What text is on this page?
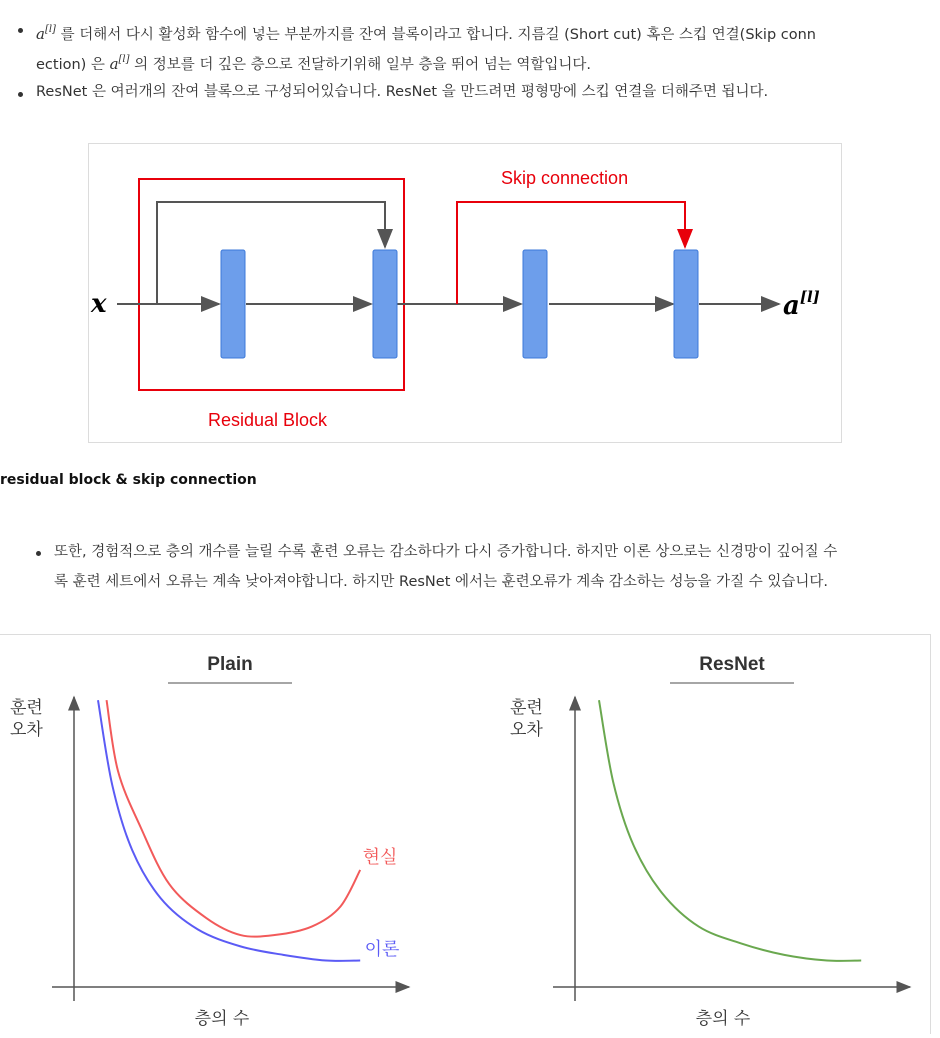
a[l] 를 더해서 다시 활성화 함수에 넣는 부분까지를 잔여 블록이라고 합니다. 지름길 (Short cut) 혹은 스킵 연결(Skip conn
ection) 은 a[l] 의 정보를 더 깊은 층으로 전달하기위해 일부 층을 뛰어 넘는 역할입니다.
ResNet 은 여러개의 잔여 블록으로 구성되어있습니다. ResNet 을 만드려면 평형망에 스킵 연결을 더해주면 됩니다.
x	a[l]
Skip connection
Residual Block
residual block & skip connection
또한, 경험적으로 층의 개수를 늘릴 수록 훈련 오류는 감소하다가 다시 증가합니다. 하지만 이론 상으로는 신경망이 깊어질 수
록 훈련 세트에서 오류는 계속 낮아져야합니다. 하지만 ResNet 에서는 훈련오류가 계속 감소하는 성능을 가질 수 있습니다.
Plain
훈련
오차
층의 수
현실
이론
ResNet
훈련
오차
층의 수
